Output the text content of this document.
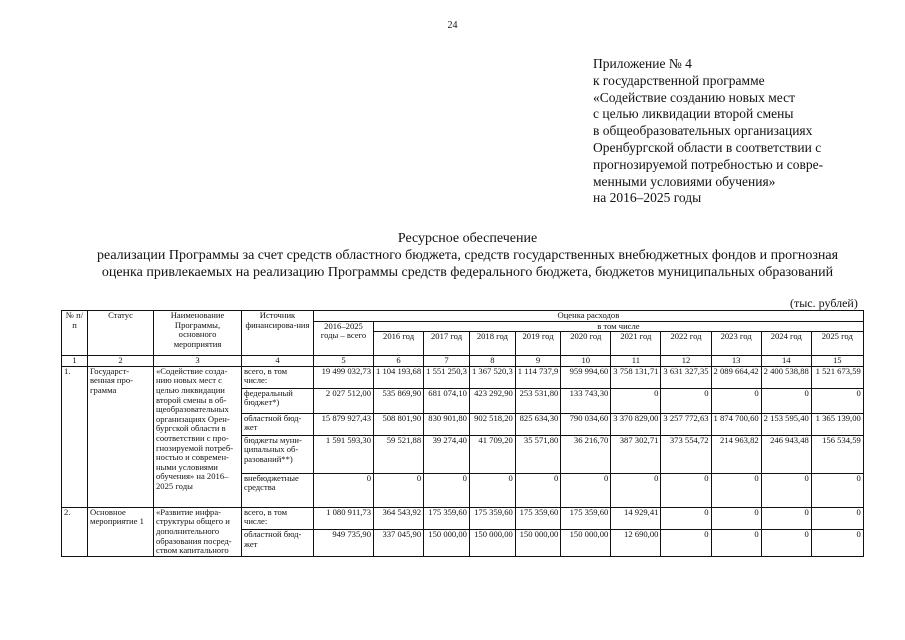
24
Приложение № 4
к государственной программе
«Содействие созданию новых мест
с целью ликвидации второй смены
в общеобразовательных организациях
Оренбургской области в соответствии с
прогнозируемой потребностью и совре-
менными условиями обучения»
на 2016–2025 годы
Ресурсное обеспечение
реализации Программы за счет средств областного бюджета, средств государственных внебюджетных фондов и прогнозная
оценка привлекаемых на реализацию Программы средств федерального бюджета, бюджетов муниципальных образований
(тыс. рублей)
№ п/п	Статус	Наименование Программы, основного мероприятия	Источник финансирова-ния	Оценка расходов										
				2016–2025 годы – всего	в том числе									
					2016 год	2017 год	2018 год	2019 год	2020 год	2021 год	2022 год	2023 год	2024 год	2025 год
1	2	3	4	5	6	7	8	9	10	11	12	13	14	15
1.	Государст-венная про-грамма	«Содействие созда-нию новых мест с целью ликвидации второй смены в об-щеобразовательных организациях Орен-бургской области в соответствии с про-гнозируемой потреб-ностью и современ-ными условиями обучения» на 2016–2025 годы	всего, в том числе:	19 499 032,73	1 104 193,68	1 551 250,3	1 367 520,3	1 114 737,9	959 994,60	3 758 131,71	3 631 327,35	2 089 664,42	2 400 538,88	1 521 673,59
			федеральный бюджет*)	2 027 512,00	535 869,90	681 074,10	423 292,90	253 531,80	133 743,30	0	0	0	0	0
			областной бюд-жет	15 879 927,43	508 801,90	830 901,80	902 518,20	825 634,30	790 034,60	3 370 829,00	3 257 772,63	1 874 700,60	2 153 595,40	1 365 139,00
			бюджеты муни-ципальных об-разований**)	1 591 593,30	59 521,88	39 274,40	41 709,20	35 571,80	36 216,70	387 302,71	373 554,72	214 963,82	246 943,48	156 534,59
			внебюджетные средства	0	0	0	0	0	0	0	0	0	0	0
2.	Основное мероприятие 1	«Развитие инфра-структуры общего и дополнительного образования посред-ством капитального	всего, в том числе:	1 080 911,73	364 543,92	175 359,60	175 359,60	175 359,60	175 359,60	14 929,41	0	0	0	0
			областной бюд-жет	949 735,90	337 045,90	150 000,00	150 000,00	150 000,00	150 000,00	12 690,00	0	0	0	0
